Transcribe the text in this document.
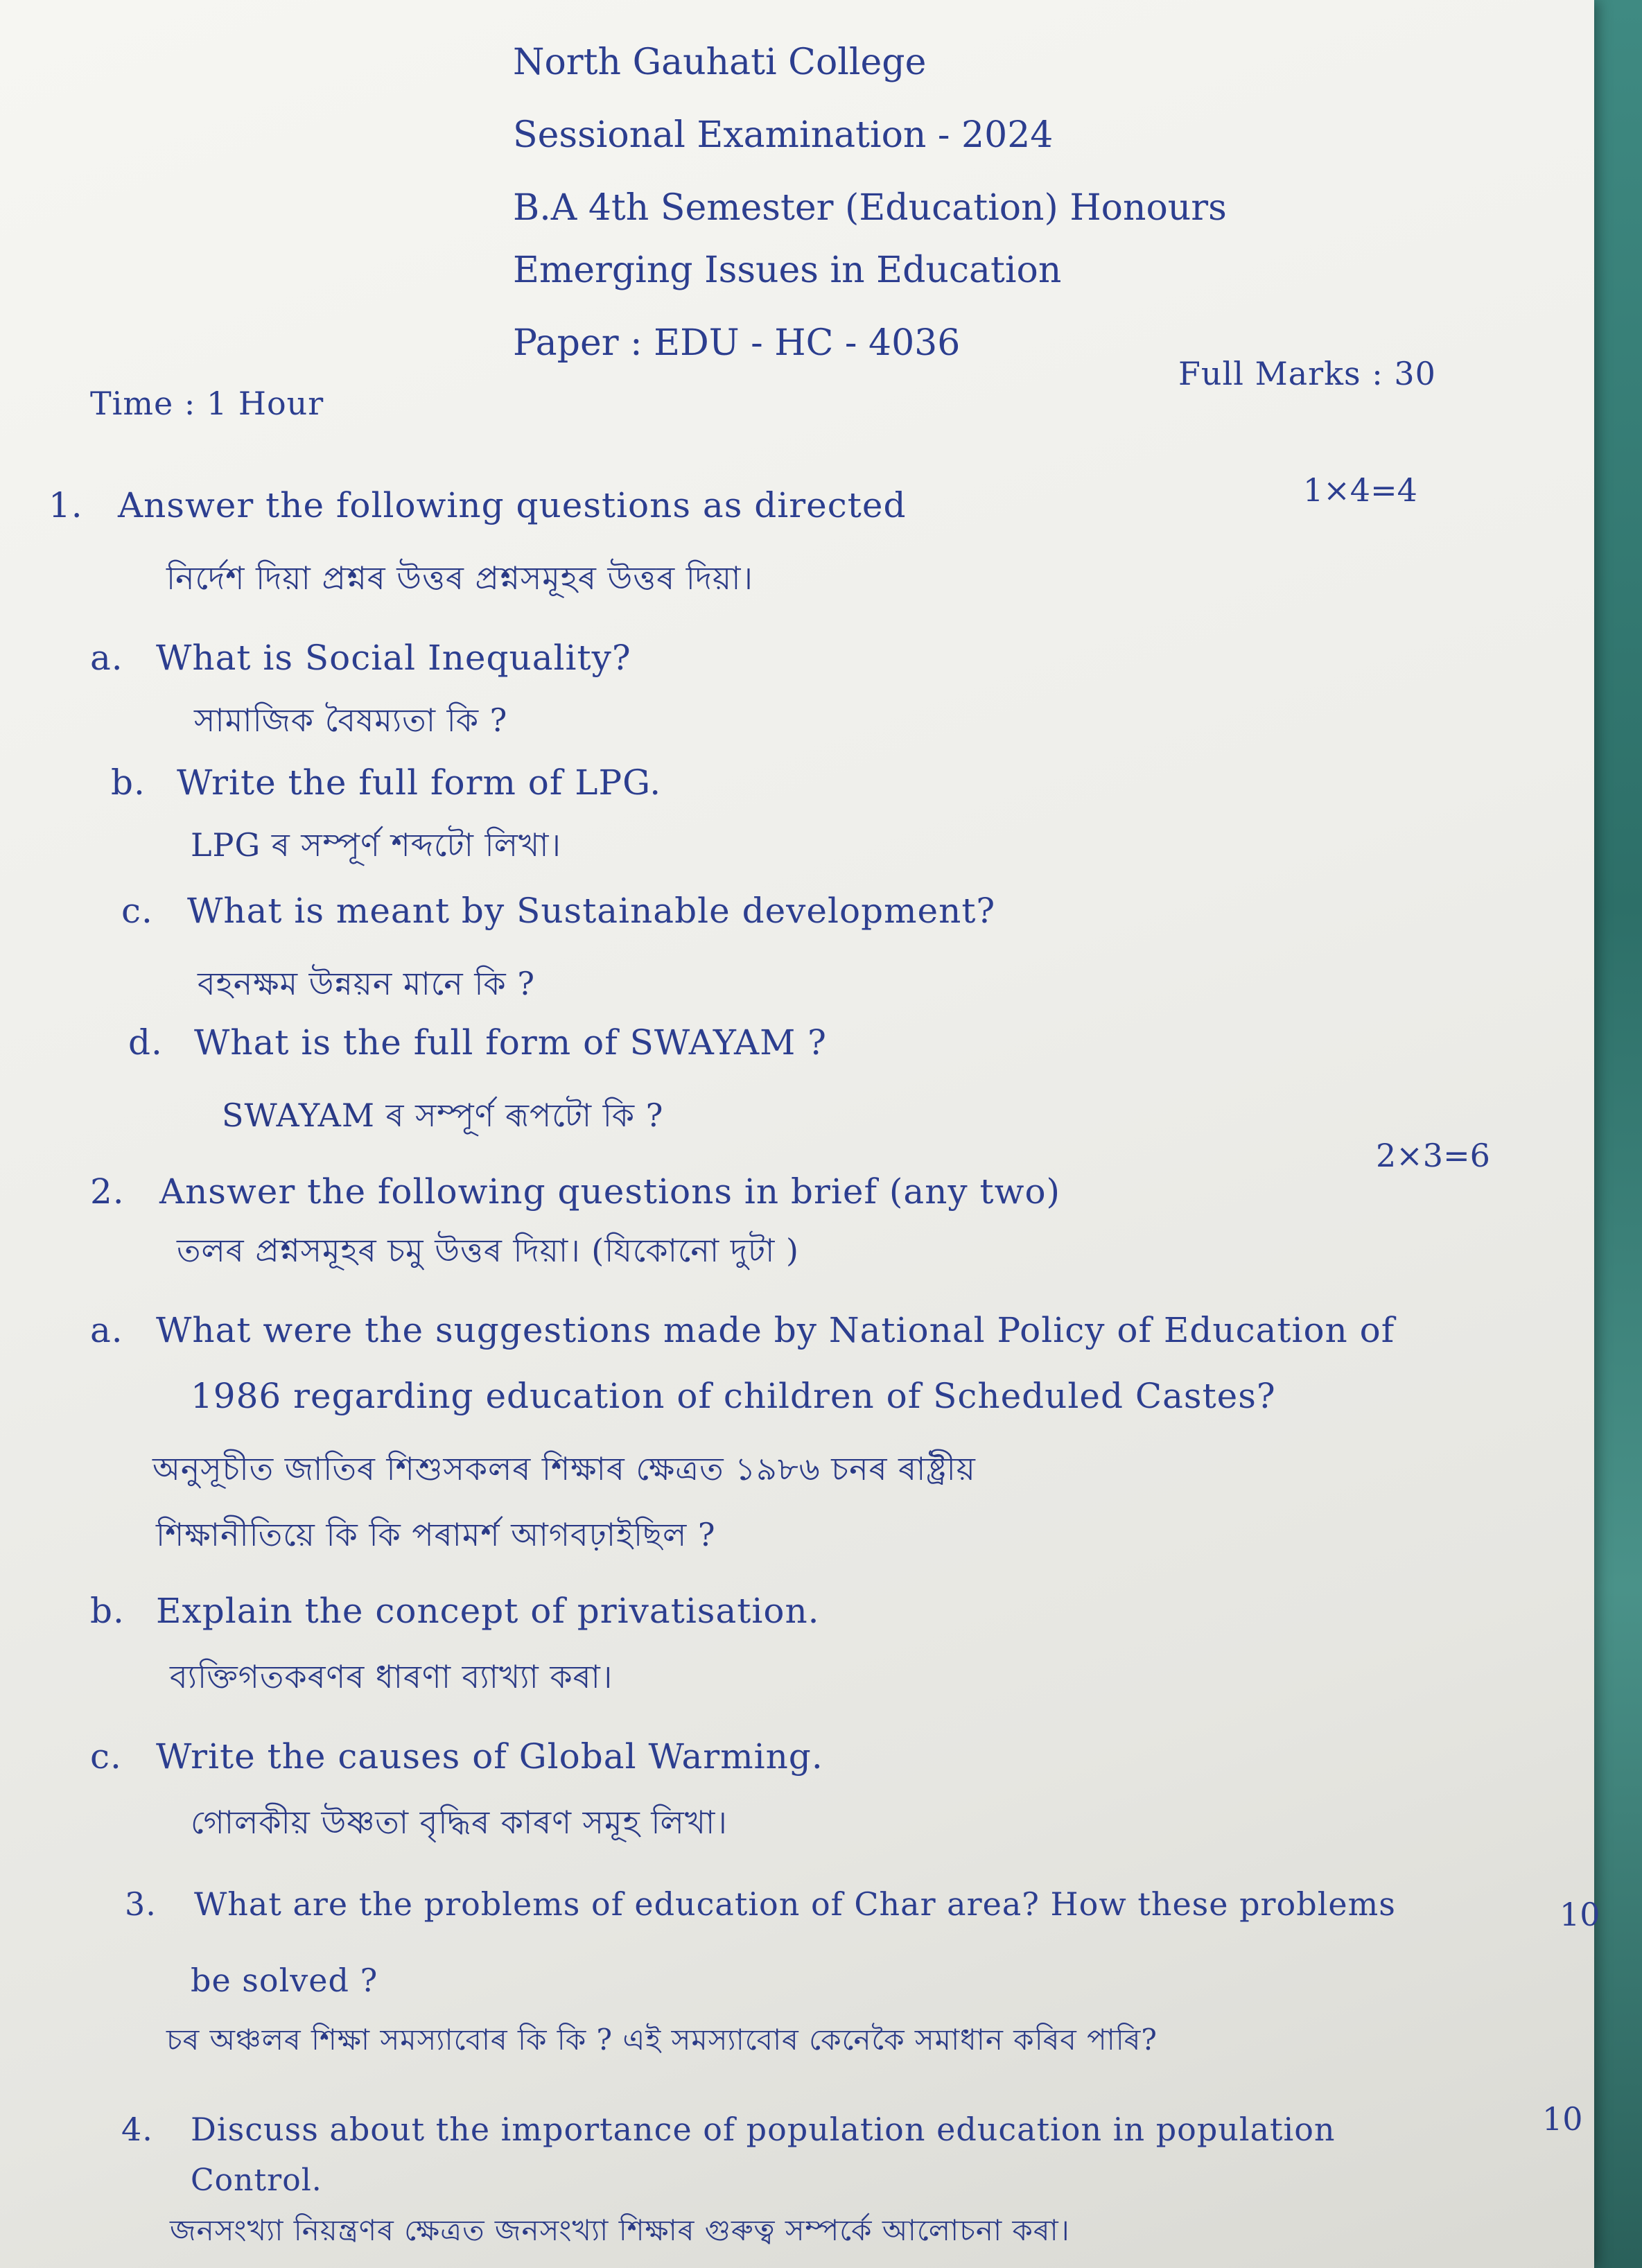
North Gauhati College
Sessional Examination - 2024
B.A 4th Semester (Education) Honours
Emerging Issues in Education
Paper : EDU - HC - 4036
Time : 1 Hour
Full Marks : 30
1. Answer the following questions as directed	1×4=4
নিৰ্দেশ দিয়া প্ৰশ্নৰ উত্তৰ প্ৰশ্নসমূহৰ উত্তৰ দিয়া।
a. What is Social Inequality?
সামাজিক বৈষম্যতা কি ?
b. Write the full form of LPG.
LPG ৰ সম্পূৰ্ণ শব্দটো লিখা।
c. What is meant by Sustainable development?
বহনক্ষম উন্নয়ন মানে কি ?
d. What is the full form of SWAYAM ?
SWAYAM ৰ সম্পূৰ্ণ ৰূপটো কি ?
2. Answer the following questions in brief (any two)
2×3=6
তলৰ প্ৰশ্নসমূহৰ চমু উত্তৰ দিয়া। (যিকোনো দুটা )
a. What were the suggestions made by National Policy of Education of
1986 regarding education of children of Scheduled Castes?
অনুসূচীত জাতিৰ শিশুসকলৰ শিক্ষাৰ ক্ষেত্ৰত ১৯৮৬ চনৰ ৰাষ্ট্ৰীয়
শিক্ষানীতিয়ে কি কি পৰামৰ্শ আগবঢ়াইছিল ?
b. Explain the concept of privatisation.
ব্যক্তিগতকৰণৰ ধাৰণা ব্যাখ্যা কৰা।
c. Write the causes of Global Warming.
গোলকীয় উষ্ণতা বৃদ্ধিৰ কাৰণ সমূহ লিখা।
3. What are the problems of education of Char area? How these problems	10
be solved ?
চৰ অঞ্চলৰ শিক্ষা সমস্যাবোৰ কি কি ? এই সমস্যাবোৰ কেনেকৈ সমাধান কৰিব পাৰি?
4. Discuss about the importance of population education in population	10
Control.
জনসংখ্যা নিয়ন্ত্ৰণৰ ক্ষেত্ৰত জনসংখ্যা শিক্ষাৰ গুৰুত্ব সম্পৰ্কে আলোচনা কৰা।
